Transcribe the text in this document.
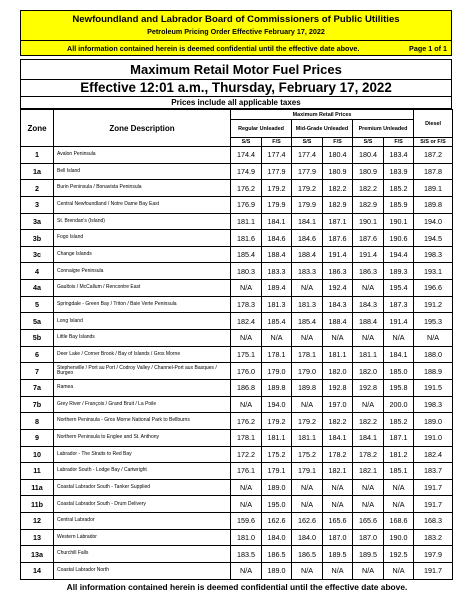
Newfoundland and Labrador Board of Commissioners of Public Utilities
Petroleum Pricing Order Effective February 17, 2022
All information contained herein is deemed confidential until the effective date above.	Page 1 of 1
Maximum Retail Motor Fuel Prices
Effective 12:01 a.m., Thursday, February 17, 2022
Prices include all applicable taxes
Zone	Zone Description	Maximum Retail Prices						Diesel
		Regular Unleaded		Mid-Grade Unleaded		Premium Unleaded		
		S/S	F/S	S/S	F/S	S/S	F/S	S/S or F/S
1	Avalon Peninsula	174.4	177.4	177.4	180.4	180.4	183.4	187.2
1a	Bell Island	174.9	177.9	177.9	180.9	180.9	183.9	187.8
2	Burin Peninsula / Bonavista Peninsula	176.2	179.2	179.2	182.2	182.2	185.2	189.1
3	Central Newfoundland / Notre Dame Bay East	176.9	179.9	179.9	182.9	182.9	185.9	189.8
3a	St. Brendan's (Island)	181.1	184.1	184.1	187.1	190.1	190.1	194.0
3b	Fogo Island	181.6	184.6	184.6	187.6	187.6	190.6	194.5
3c	Change Islands	185.4	188.4	188.4	191.4	191.4	194.4	198.3
4	Connaigre Peninsula	180.3	183.3	183.3	186.3	186.3	189.3	193.1
4a	Gaultois / McCallum / Rencontre East	N/A	189.4	N/A	192.4	N/A	195.4	196.6
5	Springdale - Green Bay / Triton / Baie Verte Peninsula	178.3	181.3	181.3	184.3	184.3	187.3	191.2
5a	Long Island	182.4	185.4	185.4	188.4	188.4	191.4	195.3
5b	Little Bay Islands	N/A	N/A	N/A	N/A	N/A	N/A	N/A
6	Deer Lake / Corner Brook / Bay of Islands / Gros Morne	175.1	178.1	178.1	181.1	181.1	184.1	188.0
7	Stephenville / Port au Port / Codroy Valley / Channel-Port aux Basques / Burgeo	176.0	179.0	179.0	182.0	182.0	185.0	188.9
7a	Ramea	186.8	189.8	189.8	192.8	192.8	195.8	191.5
7b	Grey River / François / Grand Bruit / La Poile	N/A	194.0	N/A	197.0	N/A	200.0	198.3
8	Northern Peninsula - Gros Morne National Park to Bellburns	176.2	179.2	179.2	182.2	182.2	185.2	189.0
9	Northern Peninsula to Englee and St. Anthony	178.1	181.1	181.1	184.1	184.1	187.1	191.0
10	Labrador - The Straits to Red Bay	172.2	175.2	175.2	178.2	178.2	181.2	182.4
11	Labrador South - Lodge Bay / Cartwright	176.1	179.1	179.1	182.1	182.1	185.1	183.7
11a	Coastal Labrador South - Tanker Supplied	N/A	189.0	N/A	N/A	N/A	N/A	191.7
11b	Coastal Labrador South - Drum Delivery	N/A	195.0	N/A	N/A	N/A	N/A	191.7
12	Central Labrador	159.6	162.6	162.6	165.6	165.6	168.6	168.3
13	Western Labrador	181.0	184.0	184.0	187.0	187.0	190.0	183.2
13a	Churchill Falls	183.5	186.5	186.5	189.5	189.5	192.5	197.9
14	Coastal Labrador North	N/A	189.0	N/A	N/A	N/A	N/A	191.7
All information contained herein is deemed confidential until the effective date above.
